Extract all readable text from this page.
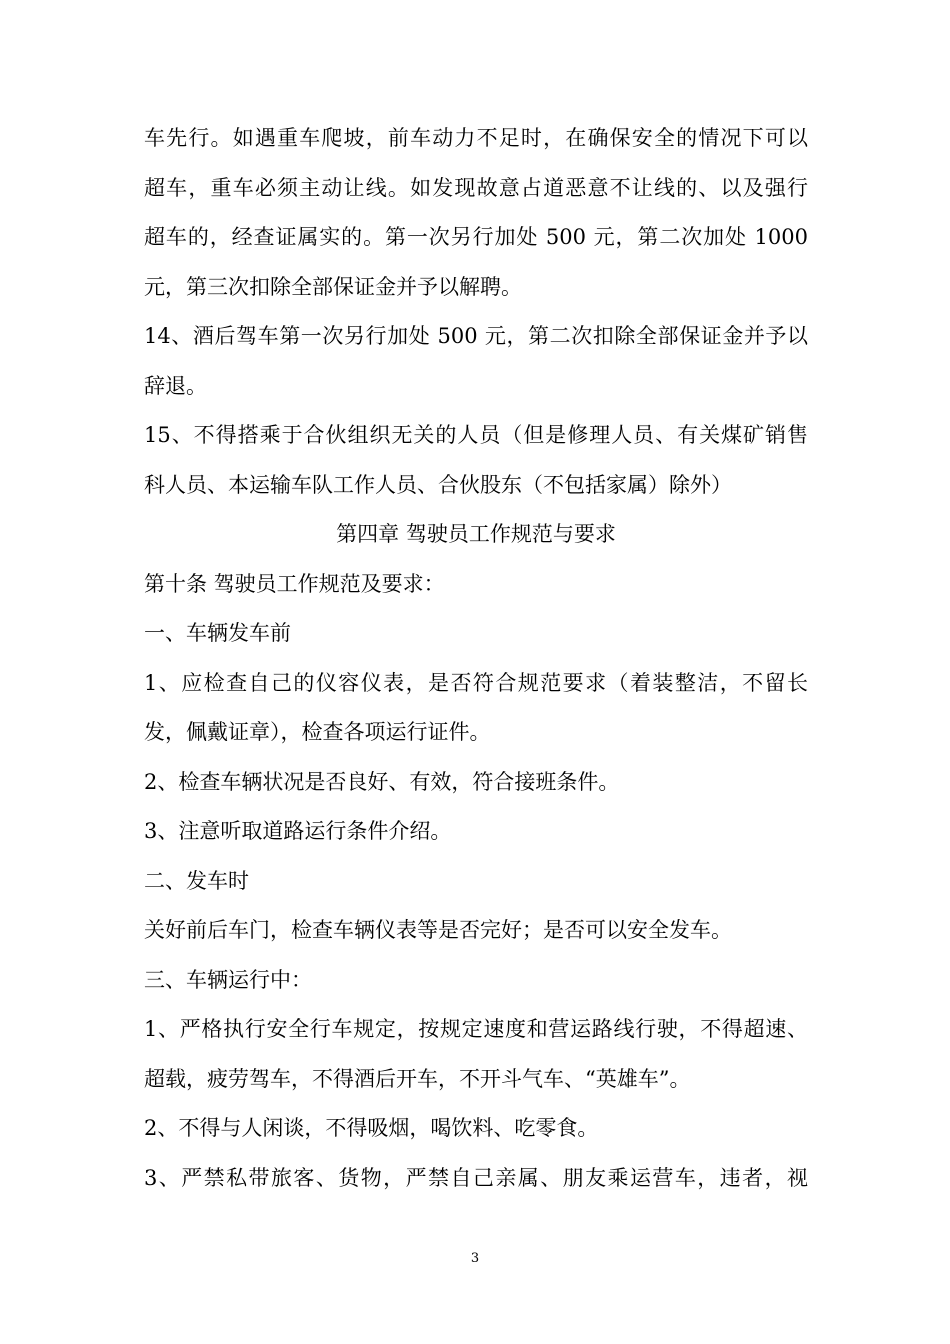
车先行。如遇重车爬坡，前车动力不足时，在确保安全的情况下可以
超车，重车必须主动让线。如发现故意占道恶意不让线的、以及强行
超车的，经查证属实的。第一次另行加处 500 元，第二次加处 1000
元，第三次扣除全部保证金并予以解聘。
14、酒后驾车第一次另行加处 500 元，第二次扣除全部保证金并予以
辞退。
15、不得搭乘于合伙组织无关的人员（但是修理人员、有关煤矿销售
科人员、本运输车队工作人员、合伙股东（不包括家属）除外）
第四章 驾驶员工作规范与要求
第十条 驾驶员工作规范及要求：
一、车辆发车前
1、应检查自己的仪容仪表，是否符合规范要求（着装整洁，不留长
发，佩戴证章），检查各项运行证件。
2、检查车辆状况是否良好、有效，符合接班条件。
3、注意听取道路运行条件介绍。
二、发车时
关好前后车门，检查车辆仪表等是否完好；是否可以安全发车。
三、车辆运行中：
1、严格执行安全行车规定，按规定速度和营运路线行驶，不得超速、
超载，疲劳驾车，不得酒后开车，不开斗气车、“英雄车”。
2、不得与人闲谈，不得吸烟，喝饮料、吃零食。
3、严禁私带旅客、货物，严禁自己亲属、朋友乘运营车，违者，视
3
